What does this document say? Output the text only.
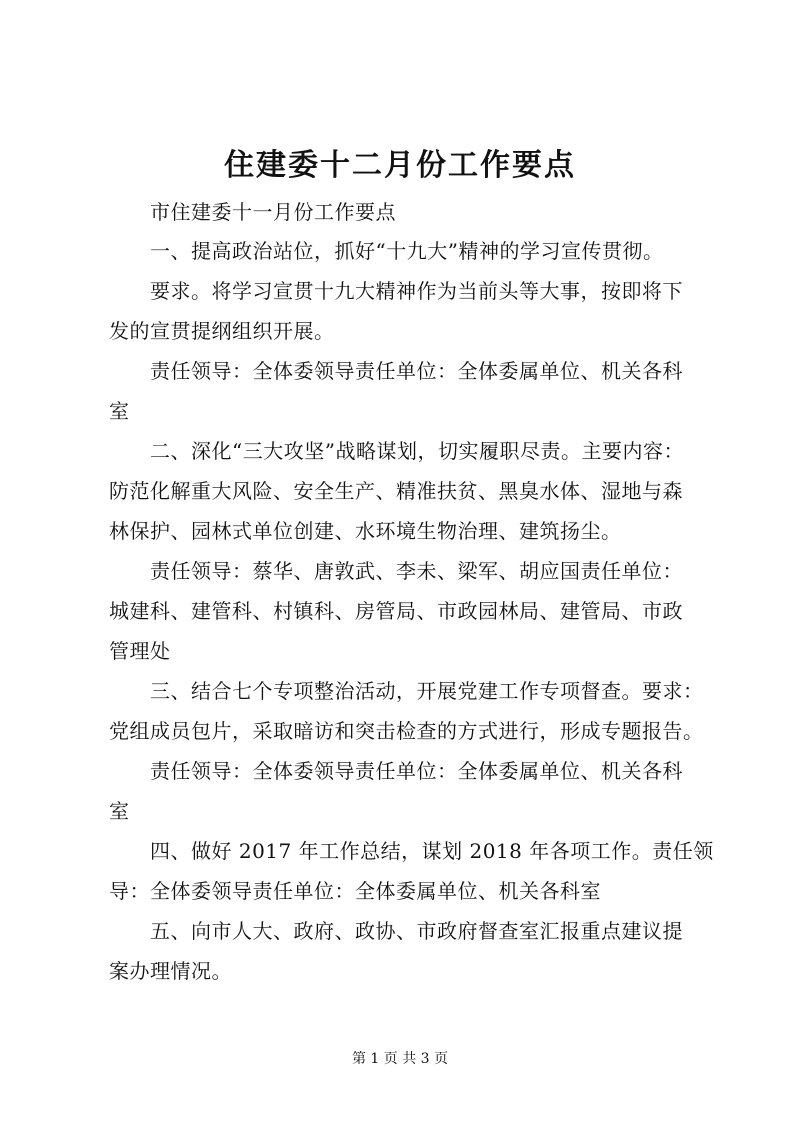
住建委十二月份工作要点
市住建委十一月份工作要点
一、提高政治站位，抓好“十九大”精神的学习宣传贯彻。
要求。将学习宣贯十九大精神作为当前头等大事，按即将下
发的宣贯提纲组织开展。
责任领导：全体委领导责任单位：全体委属单位、机关各科
室
二、深化“三大攻坚”战略谋划，切实履职尽责。主要内容：
防范化解重大风险、安全生产、精准扶贫、黑臭水体、湿地与森
林保护、园林式单位创建、水环境生物治理、建筑扬尘。
责任领导：蔡华、唐敦武、李未、梁军、胡应国责任单位：
城建科、建管科、村镇科、房管局、市政园林局、建管局、市政
管理处
三、结合七个专项整治活动，开展党建工作专项督查。要求：
党组成员包片，采取暗访和突击检查的方式进行，形成专题报告。
责任领导：全体委领导责任单位：全体委属单位、机关各科
室
四、做好 2017 年工作总结，谋划 2018 年各项工作。责任领
导：全体委领导责任单位：全体委属单位、机关各科室
五、向市人大、政府、政协、市政府督查室汇报重点建议提
案办理情况。
第 1 页 共 3 页
